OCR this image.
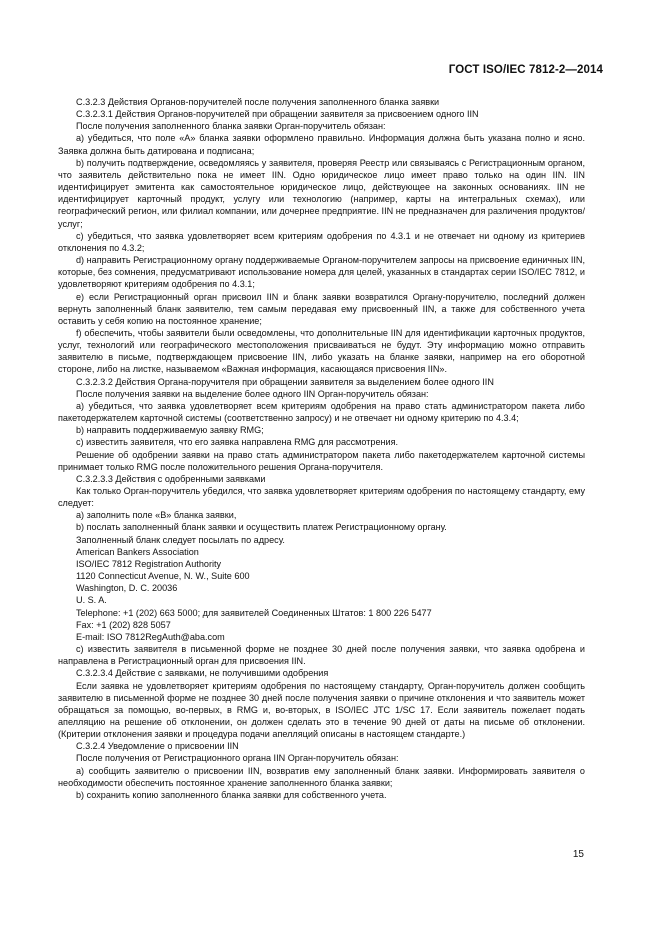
ГОСТ ISO/IEC 7812-2—2014

C.3.2.3 Действия Органов-поручителей после получения заполненного бланка заявки

C.3.2.3.1 Действия Органов-поручителей при обращении заявителя за присвоением одного IIN

После получения заполненного бланка заявки Орган-поручитель обязан:

a) убедиться, что поле «A» бланка заявки оформлено правильно. Информация должна быть указана полно и ясно. Заявка должна быть датирована и подписана;

b) получить подтверждение, осведомляясь у заявителя, проверяя Реестр или связываясь с Регистрационным органом, что заявитель действительно пока не имеет IIN. Одно юридическое лицо имеет право только на один IIN. IIN идентифицирует эмитента как самостоятельное юридическое лицо, действующее на законных основаниях. IIN не идентифицирует карточный продукт, услугу или технологию (например, карты на интегральных схемах), или географический регион, или филиал компании, или дочернее предприятие. IIN не предназначен для различения продуктов/услуг;

c) убедиться, что заявка удовлетворяет всем критериям одобрения по 4.3.1 и не отвечает ни одному из критериев отклонения по 4.3.2;

d) направить Регистрационному органу поддерживаемые Органом-поручителем запросы на присвоение единичных IIN, которые, без сомнения, предусматривают использование номера для целей, указанных в стандартах серии ISO/IEC 7812, и удовлетворяют критериям одобрения по 4.3.1;

e) если Регистрационный орган присвоил IIN и бланк заявки возвратился Органу-поручителю, последний должен вернуть заполненный бланк заявителю, тем самым передавая ему присвоенный IIN, а также для собственного учета оставить у себя копию на постоянное хранение;

f) обеспечить, чтобы заявители были осведомлены, что дополнительные IIN для идентификации карточных продуктов, услуг, технологий или географического местоположения присваиваться не будут. Эту информацию можно отправить заявителю в письме, подтверждающем присвоение IIN, либо указать на бланке заявки, например на его оборотной стороне, либо на листке, называемом «Важная информация, касающаяся присвоения IIN».

C.3.2.3.2 Действия Органа-поручителя при обращении заявителя за выделением более одного IIN

После получения заявки на выделение более одного IIN Орган-поручитель обязан:

a) убедиться, что заявка удовлетворяет всем критериям одобрения на право стать администратором пакета либо пакетодержателем карточной системы (соответственно запросу) и не отвечает ни одному критерию по 4.3.4;

b) направить поддерживаемую заявку RMG;

c) известить заявителя, что его заявка направлена RMG для рассмотрения.

Решение об одобрении заявки на право стать администратором пакета либо пакетодержателем карточной системы принимает только RMG после положительного решения Органа-поручителя.

C.3.2.3.3 Действия с одобренными заявками

Как только Орган-поручитель убедился, что заявка удовлетворяет критериям одобрения по настоящему стандарту, ему следует:

a) заполнить поле «B» бланка заявки,

b) послать заполненный бланк заявки и осуществить платеж Регистрационному органу.

Заполненный бланк следует посылать по адресу.

American Bankers Association

ISO/IEC 7812 Registration Authority

1120 Connecticut Avenue, N. W., Suite 600

Washington, D. C. 20036

U. S. A.

Telephone: +1 (202) 663 5000; для заявителей Соединенных Штатов: 1 800 226 5477

Fax: +1 (202) 828 5057

E-mail: ISO 7812RegAuth@aba.com

c) известить заявителя в письменной форме не позднее 30 дней после получения заявки, что заявка одобрена и направлена в Регистрационный орган для присвоения IIN.

C.3.2.3.4 Действие с заявками, не получившими одобрения

Если заявка не удовлетворяет критериям одобрения по настоящему стандарту, Орган-поручитель должен сообщить заявителю в письменной форме не позднее 30 дней после получения заявки о причине отклонения и что заявитель может обращаться за помощью, во-первых, в RMG и, во-вторых, в ISO/IEC JTC 1/SC 17. Если заявитель пожелает подать апелляцию на решение об отклонении, он должен сделать это в течение 90 дней от даты на письме об отклонении. (Критерии отклонения заявки и процедура подачи апелляций описаны в настоящем стандарте.)

C.3.2.4 Уведомление о присвоении IIN

После получения от Регистрационного органа IIN Орган-поручитель обязан:

a) сообщить заявителю о присвоении IIN, возвратив ему заполненный бланк заявки. Информировать заявителя о необходимости обеспечить постоянное хранение заполненного бланка заявки;

b) сохранить копию заполненного бланка заявки для собственного учета.

15
